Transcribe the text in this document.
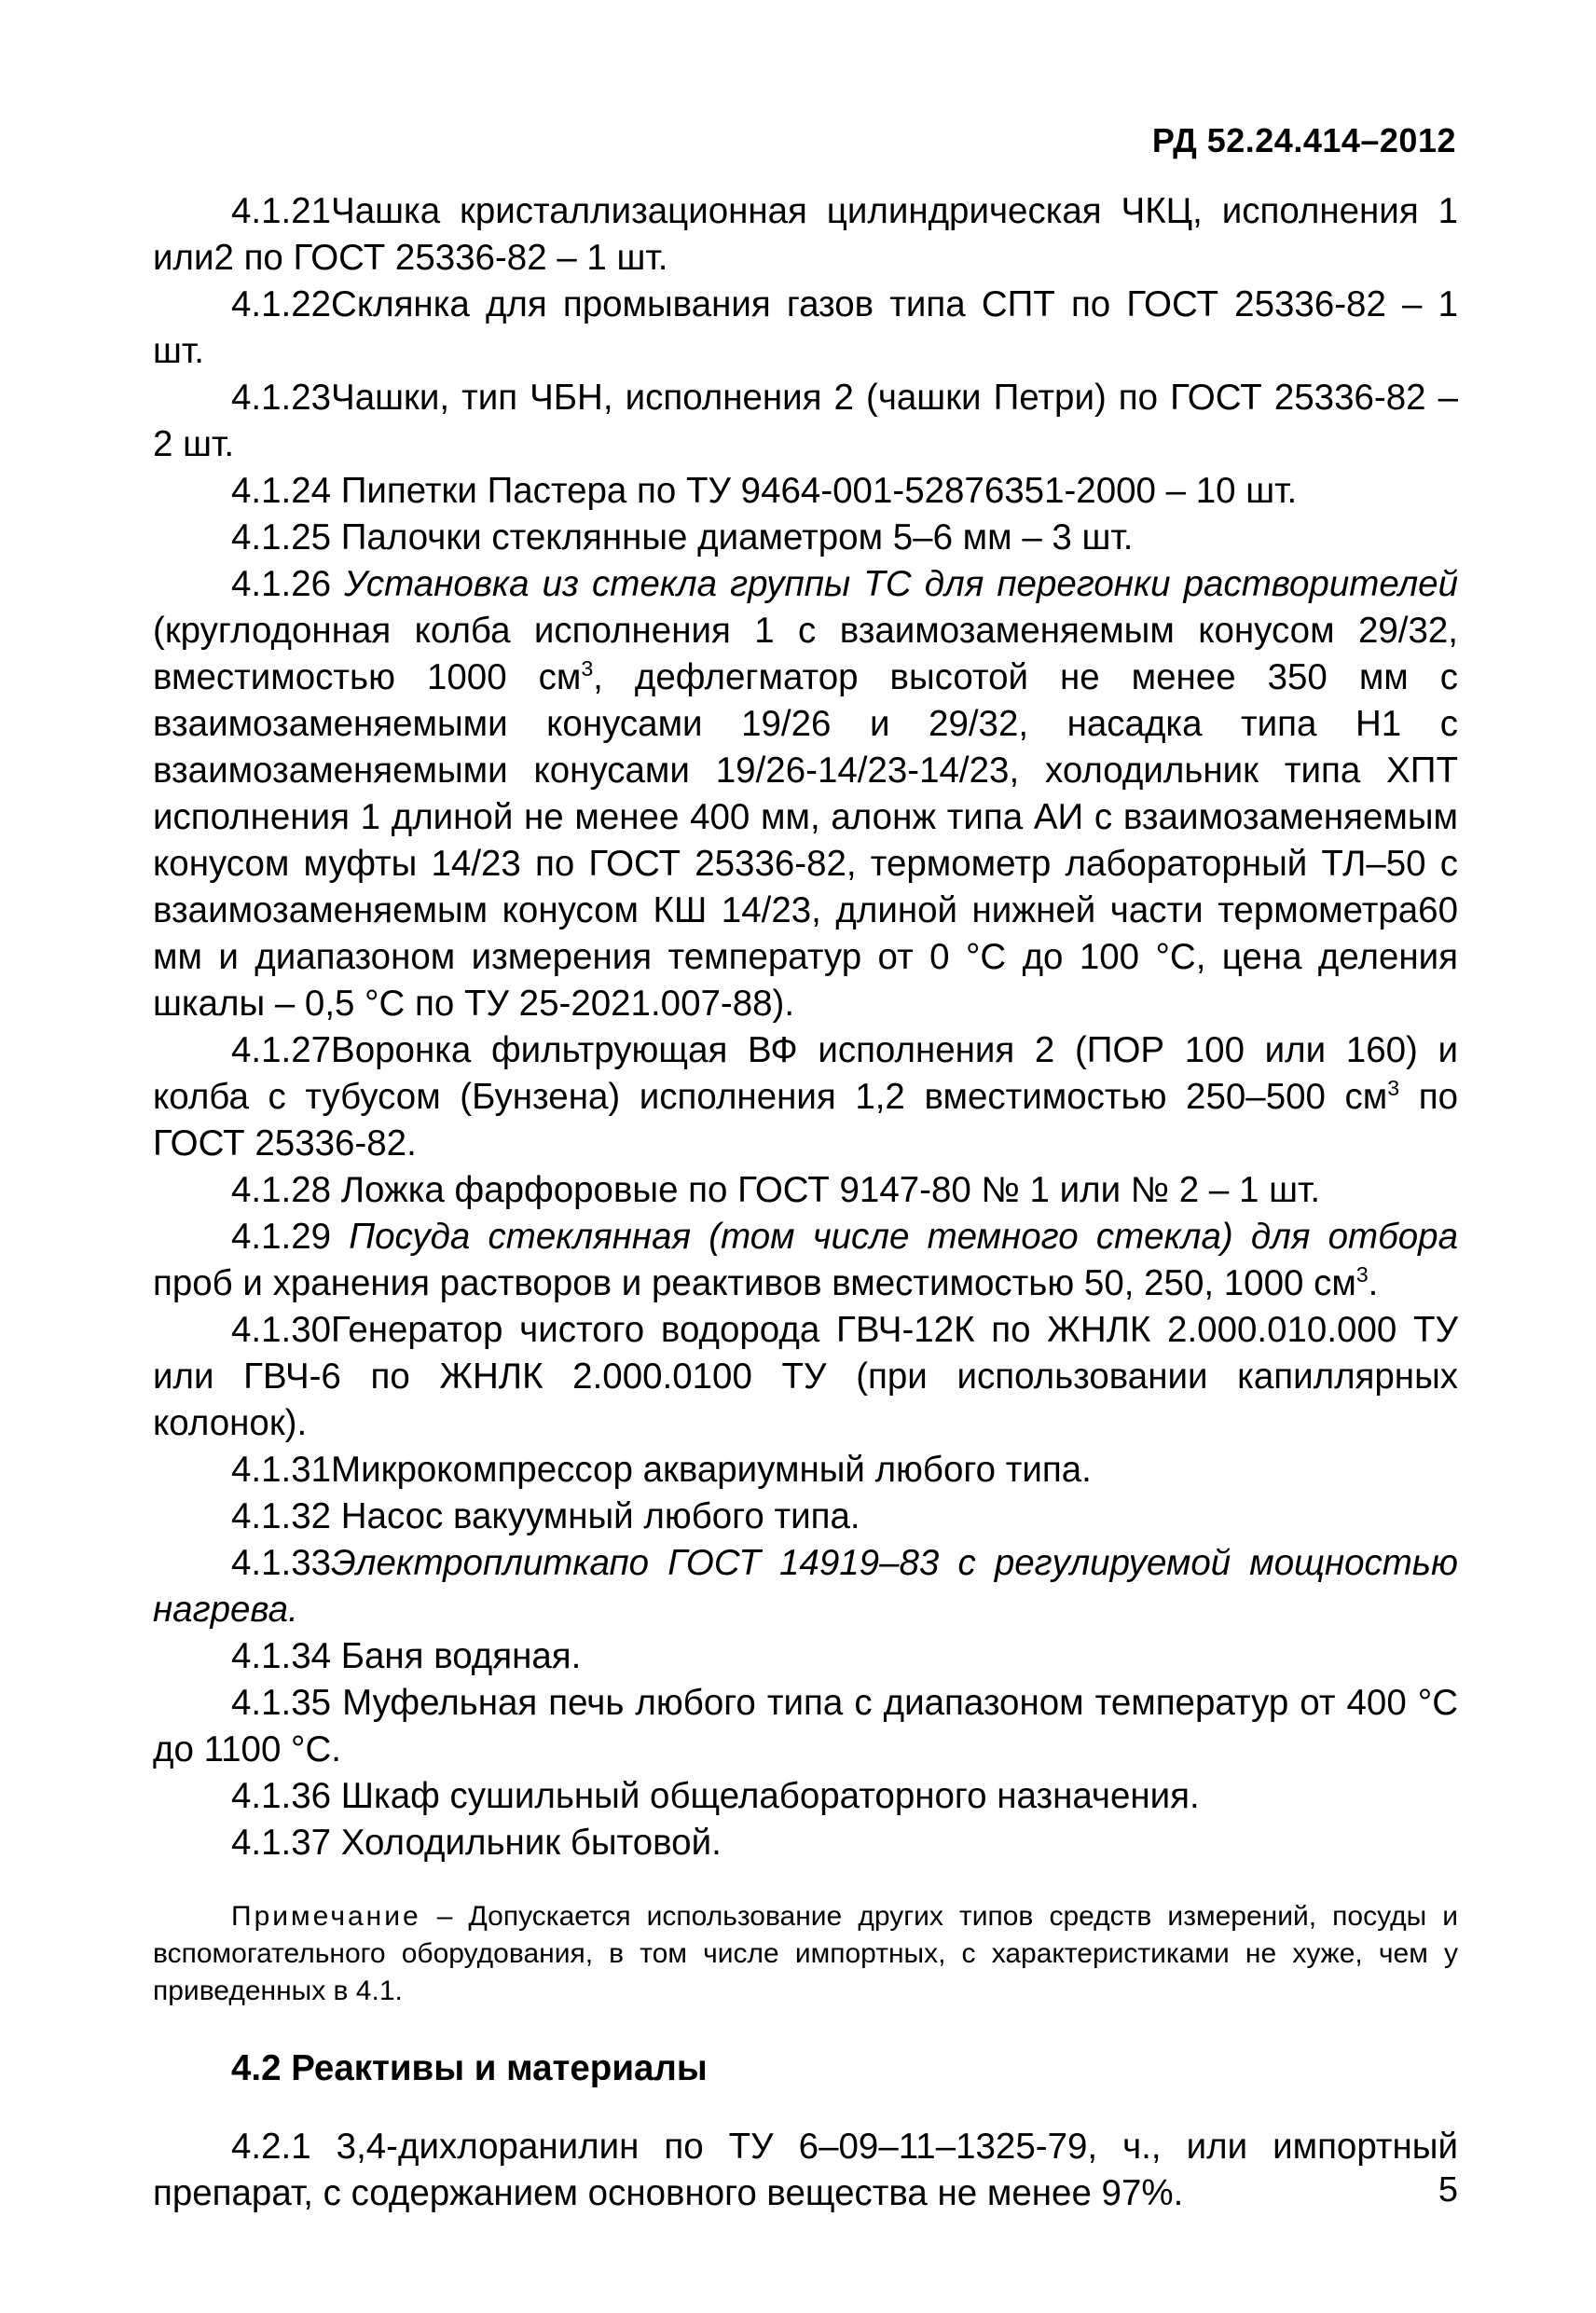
РД 52.24.414–2012

4.1.21Чашка кристаллизационная цилиндрическая ЧКЦ, исполнения 1 или2 по ГОСТ 25336-82 – 1 шт.

4.1.22Склянка для промывания газов типа СПТ по ГОСТ 25336-82 – 1 шт.

4.1.23Чашки, тип ЧБН, исполнения 2 (чашки Петри) по ГОСТ 25336-82 – 2 шт.

4.1.24 Пипетки Пастера по ТУ 9464-001-52876351-2000 – 10 шт.

4.1.25 Палочки стеклянные диаметром 5–6 мм – 3 шт.

4.1.26 Установка из стекла группы ТС для перегонки растворителей (круглодонная колба исполнения 1 с взаимозаменяемым конусом 29/32, вместимостью 1000 $см^3$, дефлегматор высотой не менее 350 мм с взаимозаменяемыми конусами 19/26 и 29/32, насадка типа Н1 с взаимозаменяемыми конусами 19/26-14/23-14/23, холодильник типа ХПТ исполнения 1 длиной не менее 400 мм, алонж типа АИ с взаимозаменяемым конусом муфты 14/23 по ГОСТ 25336-82, термометр лабораторный ТЛ–50 с взаимозаменяемым конусом КШ 14/23, длиной нижней части термометра60 мм и диапазоном измерения температур от 0 °С до 100 °С, цена деления шкалы – 0,5 °С по ТУ 25-2021.007-88).

4.1.27Воронка фильтрующая ВФ исполнения 2 (ПОР 100 или 160) и колба с тубусом (Бунзена) исполнения 1,2 вместимостью 250–500 $см^3$ по ГОСТ 25336-82.

4.1.28 Ложка фарфоровые по ГОСТ 9147-80 № 1 или № 2 – 1 шт.

4.1.29 Посуда стеклянная (том числе темного стекла) для отбора проб и хранения растворов и реактивов вместимостью 50, 250, 1000 $см^3$.

4.1.30Генератор чистого водорода ГВЧ-12К по ЖНЛК 2.000.010.000 ТУ или ГВЧ-6 по ЖНЛК 2.000.0100 ТУ (при использовании капиллярных колонок).

4.1.31Микрокомпрессор аквариумный любого типа.

4.1.32 Насос вакуумный любого типа.

4.1.33Электроплиткапо ГОСТ 14919–83 с регулируемой мощностью нагрева.

4.1.34 Баня водяная.

4.1.35 Муфельная печь любого типа с диапазоном температур от 400 °С до 1100 °С.

4.1.36 Шкаф сушильный общелабораторного назначения.

4.1.37 Холодильник бытовой.

Примечание – Допускается использование других типов средств измерений, посуды и вспомогательного оборудования, в том числе импортных, с характеристиками не хуже, чем у приведенных в 4.1.

4.2 Реактивы и материалы

4.2.1 3,4-дихлоранилин по ТУ 6–09–11–1325-79, ч., или импортный препарат, с содержанием основного вещества не менее 97%.	5
